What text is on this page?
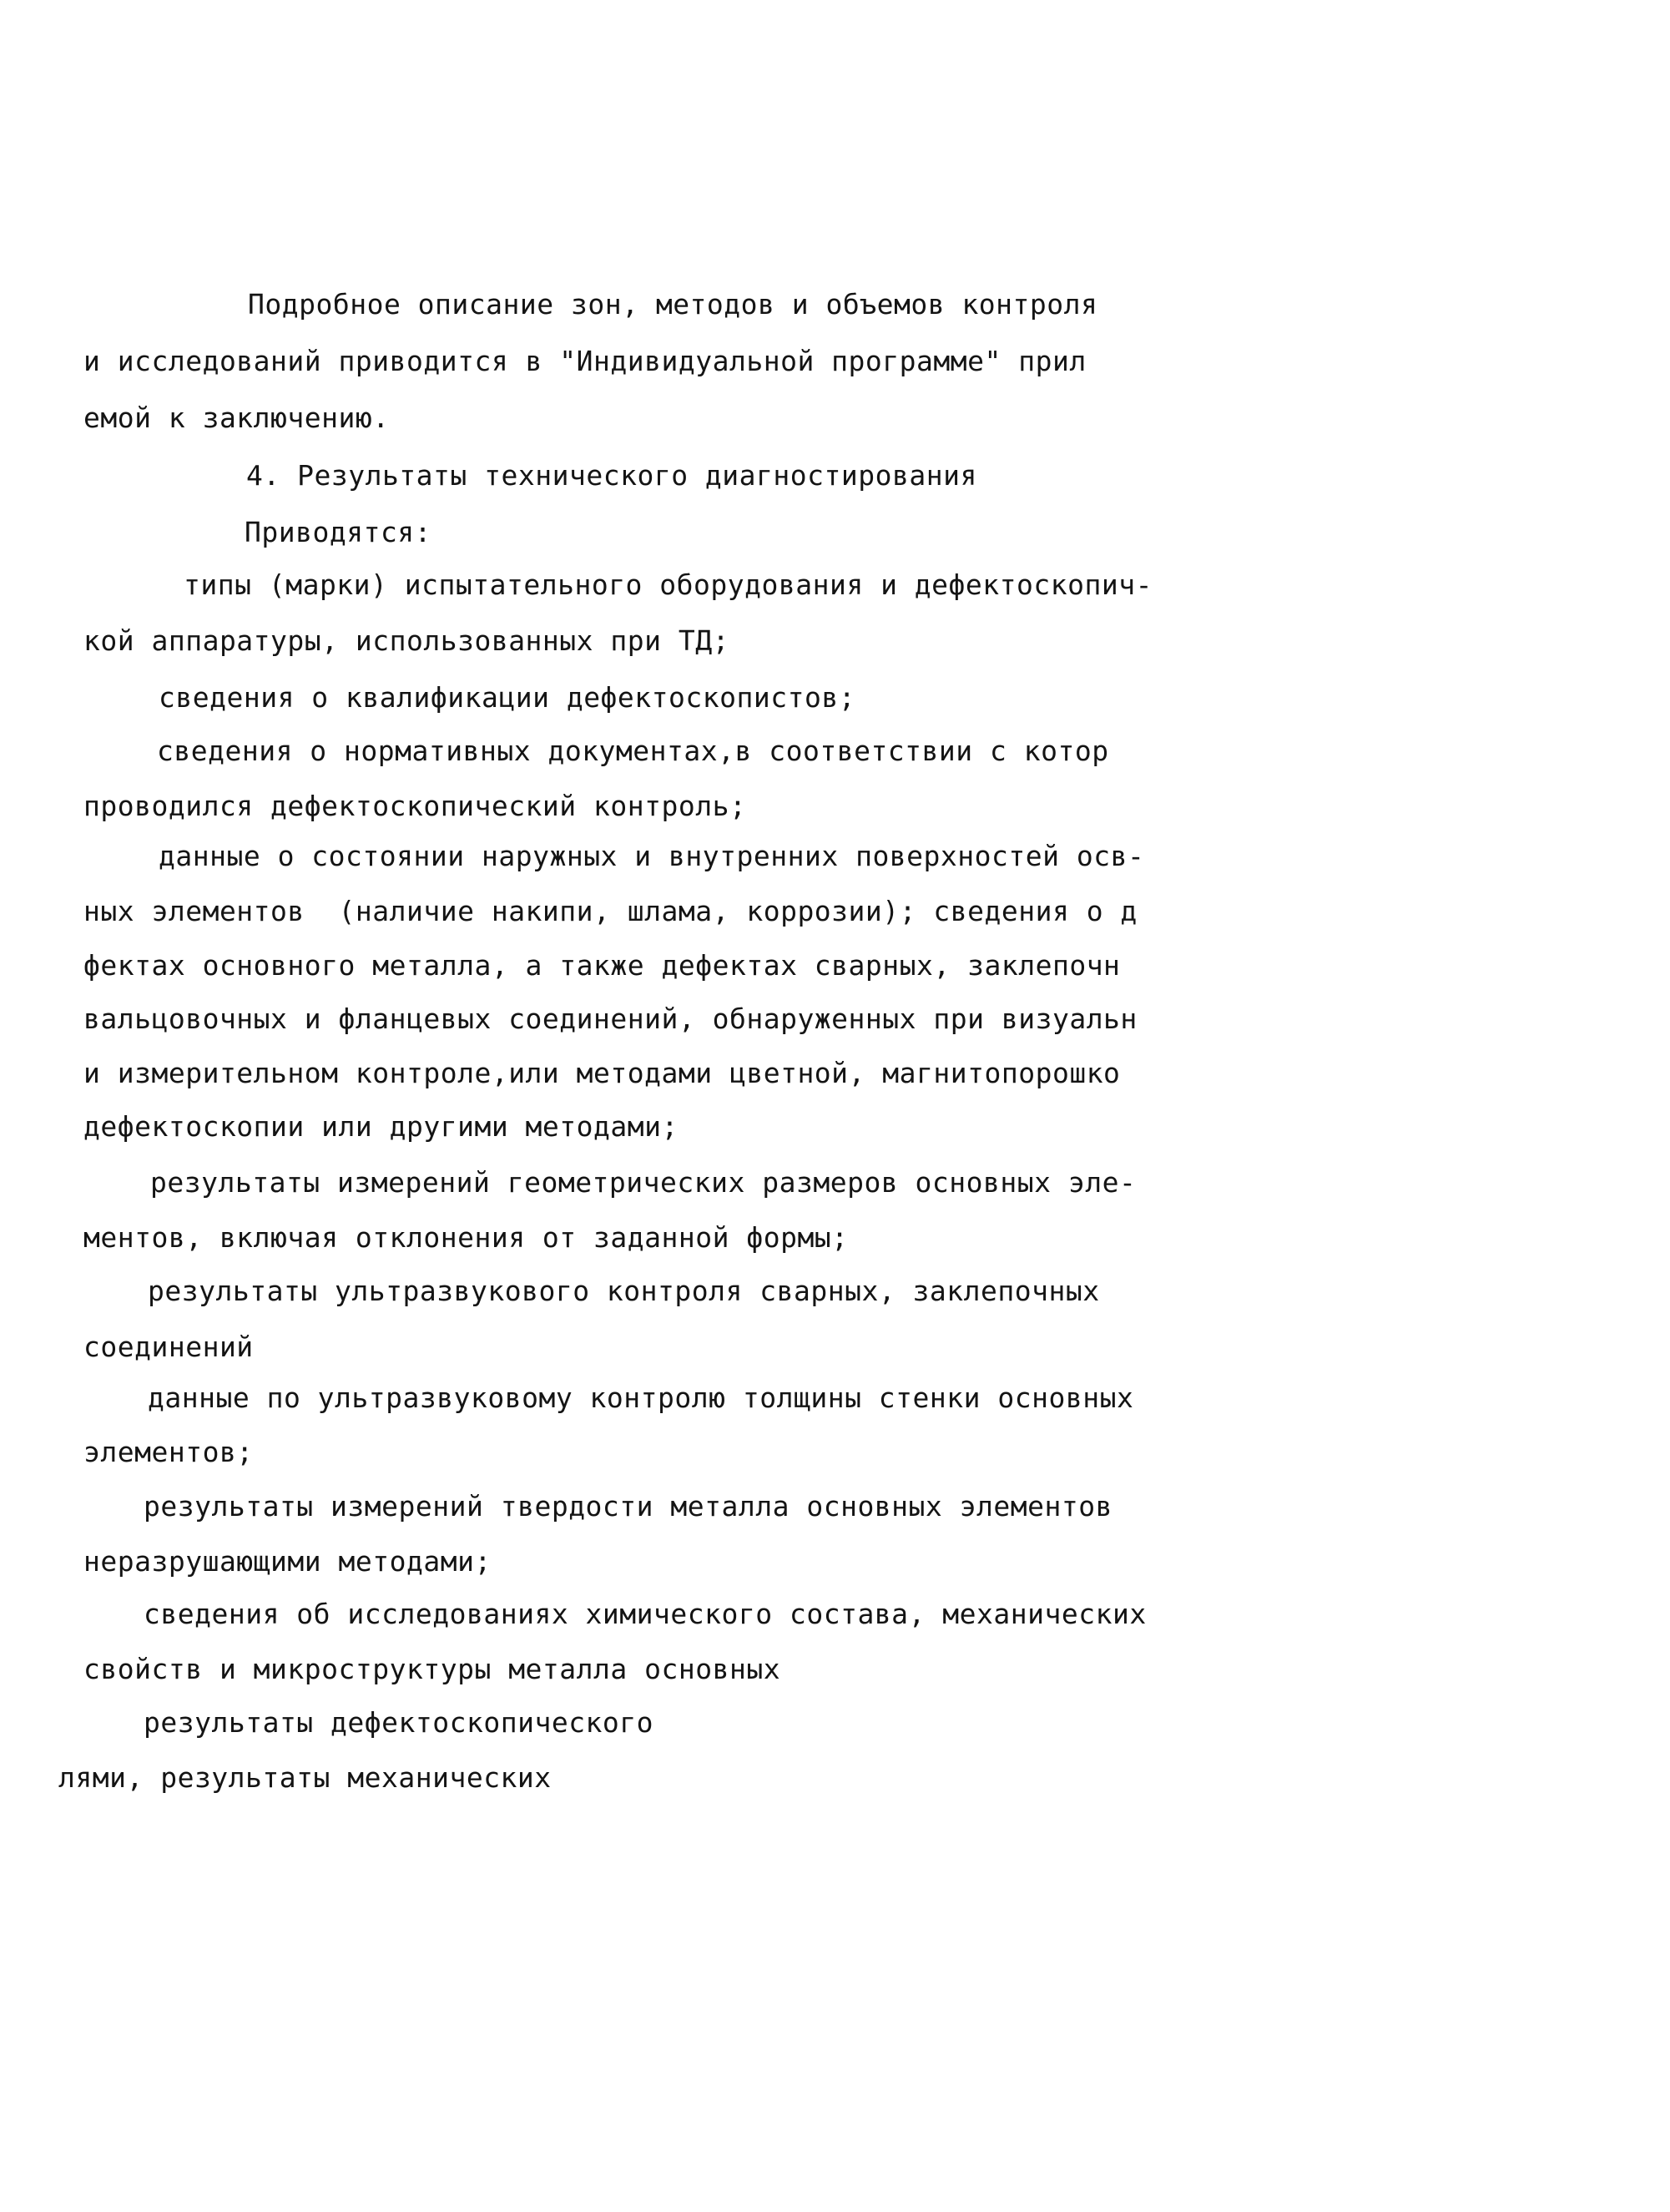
Подробное описание зон, методов и объемов контроля
и исследований приводится в "Индивидуальной программе" прил
емой к заключению.
4. Результаты технического диагностирования
Приводятся:
типы (марки) испытательного оборудования и дефектоскопич-
кой аппаратуры, использованных при ТД;
сведения о квалификации дефектоскопистов;
сведения о нормативных документах,в соответствии с котор
проводился дефектоскопический контроль;
данные о состоянии наружных и внутренних поверхностей осв-
ных элементов  (наличие накипи, шлама, коррозии); сведения о д
фектах основного металла, а также дефектах сварных, заклепочн
вальцовочных и фланцевых соединений, обнаруженных при визуальн
и измерительном контроле,или методами цветной, магнитопорошко
дефектоскопии или другими методами;
результаты измерений геометрических размеров основных эле-
ментов, включая отклонения от заданной формы;
результаты ультразвукового контроля сварных, заклепочных
соединений
данные по ультразвуковому контролю толщины стенки основных
элементов;
результаты измерений твердости металла основных элементов
неразрушающими методами;
сведения об исследованиях химического состава, механических
свойств и микроструктуры металла основных
результаты дефектоскопического
лями, результаты механических
